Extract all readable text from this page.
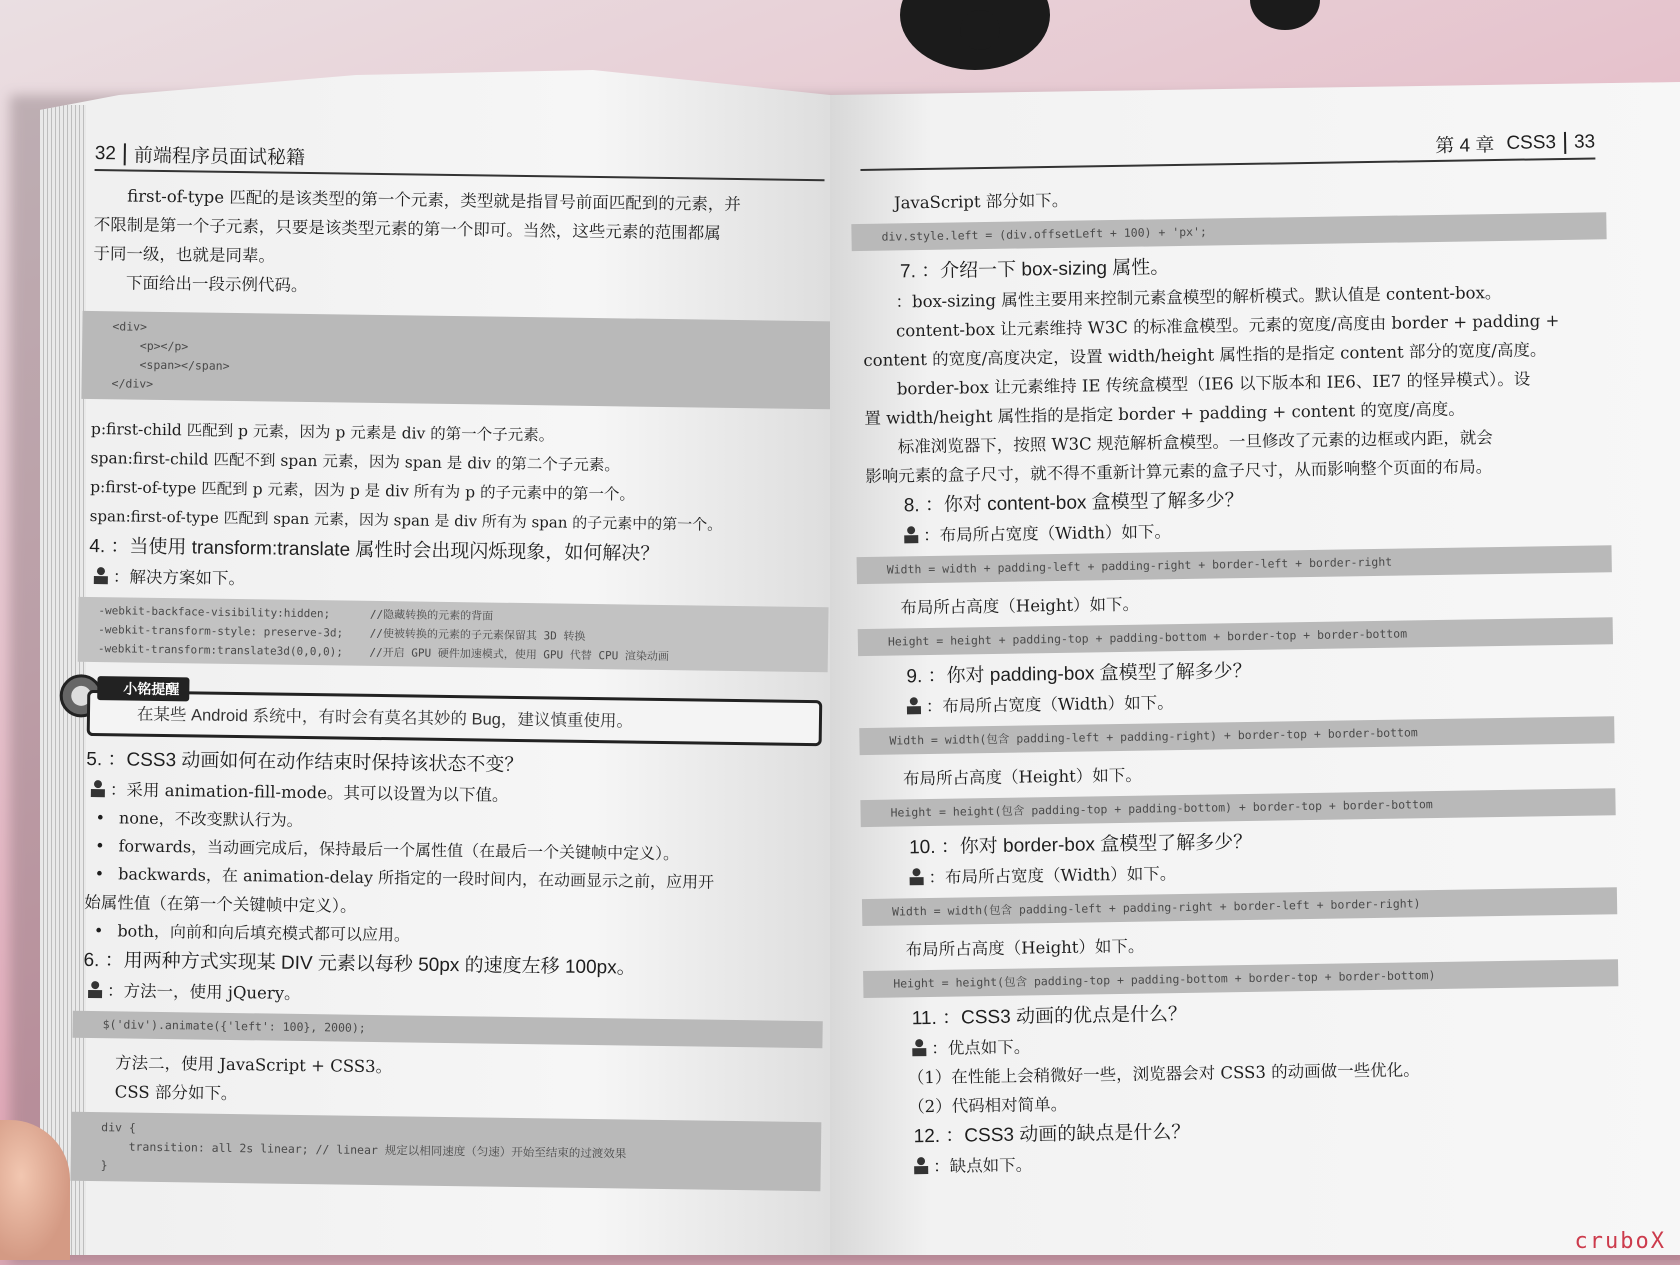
32 前端程序员面试秘籍

first-of-type 匹配的是该类型的第一个元素，类型就是指冒号前面匹配到的元素，并

不限制是第一个子元素，只要是该类型元素的第一个即可。当然，这些元素的范围都属

于同一级，也就是同辈。

下面给出一段示例代码。

<div>
<p></p>
<span></span>
</div>

p:first-child 匹配到 p 元素，因为 p 元素是 div 的第一个子元素。

span:first-child 匹配不到 span 元素，因为 span 是 div 的第二个子元素。

p:first-of-type 匹配到 p 元素，因为 p 是 div 所有为 p 的子元素中的第一个。

span:first-of-type 匹配到 span 元素，因为 span 是 div 所有为 span 的子元素中的第一个。

4. ：当使用 transform:translate 属性时会出现闪烁现象，如何解决？

：解决方案如下。

-webkit-backface-visibility:hidden;      //隐藏转换的元素的背面
-webkit-transform-style: preserve-3d;    //使被转换的元素的子元素保留其 3D 转换
-webkit-transform:translate3d(0,0,0);    //开启 GPU 硬件加速模式，使用 GPU 代替 CPU 渲染动画
小铭提醒
在某些 Android 系统中，有时会有莫名其妙的 Bug，建议慎重使用。

5. ：CSS3 动画如何在动作结束时保持该状态不变？

：采用 animation-fill-mode。其可以设置为以下值。

• none，不改变默认行为。

• forwards，当动画完成后，保持最后一个属性值（在最后一个关键帧中定义）。

• backwards，在 animation-delay 所指定的一段时间内，在动画显示之前，应用开

始属性值（在第一个关键帧中定义）。

• both，向前和向后填充模式都可以应用。

6. ：用两种方式实现某 DIV 元素以每秒 50px 的速度左移 100px。

：方法一，使用 jQuery。

$('div').animate({'left': 100}, 2000);

方法二，使用 JavaScript + CSS3。

CSS 部分如下。

div {
transition: all 2s linear; // linear 规定以相同速度（匀速）开始至结束的过渡效果
}
第 4 章 CSS3 33

JavaScript 部分如下。

div.style.left = (div.offsetLeft + 100) + 'px';

7. ：介绍一下 box-sizing 属性。

：box-sizing 属性主要用来控制元素盒模型的解析模式。默认值是 content-box。

content-box 让元素维持 W3C 的标准盒模型。元素的宽度/高度由 border + padding +

content 的宽度/高度决定，设置 width/height 属性指的是指定 content 部分的宽度/高度。

border-box 让元素维持 IE 传统盒模型（IE6 以下版本和 IE6、IE7 的怪异模式）。设

置 width/height 属性指的是指定 border + padding + content 的宽度/高度。

标准浏览器下，按照 W3C 规范解析盒模型。一旦修改了元素的边框或内距，就会

影响元素的盒子尺寸，就不得不重新计算元素的盒子尺寸，从而影响整个页面的布局。

8. ：你对 content-box 盒模型了解多少？

：布局所占宽度（Width）如下。

Width = width + padding-left + padding-right + border-left + border-right

布局所占高度（Height）如下。

Height = height + padding-top + padding-bottom + border-top + border-bottom

9. ：你对 padding-box 盒模型了解多少？

：布局所占宽度（Width）如下。

Width = width(包含 padding-left + padding-right) + border-top + border-bottom

布局所占高度（Height）如下。

Height = height(包含 padding-top + padding-bottom) + border-top + border-bottom

10. ：你对 border-box 盒模型了解多少？

：布局所占宽度（Width）如下。

Width = width(包含 padding-left + padding-right + border-left + border-right)

布局所占高度（Height）如下。

Height = height(包含 padding-top + padding-bottom + border-top + border-bottom)

11. ：CSS3 动画的优点是什么？

：优点如下。

（1）在性能上会稍微好一些，浏览器会对 CSS3 的动画做一些优化。

（2）代码相对简单。

12. ：CSS3 动画的缺点是什么？

：缺点如下。

cruboX
